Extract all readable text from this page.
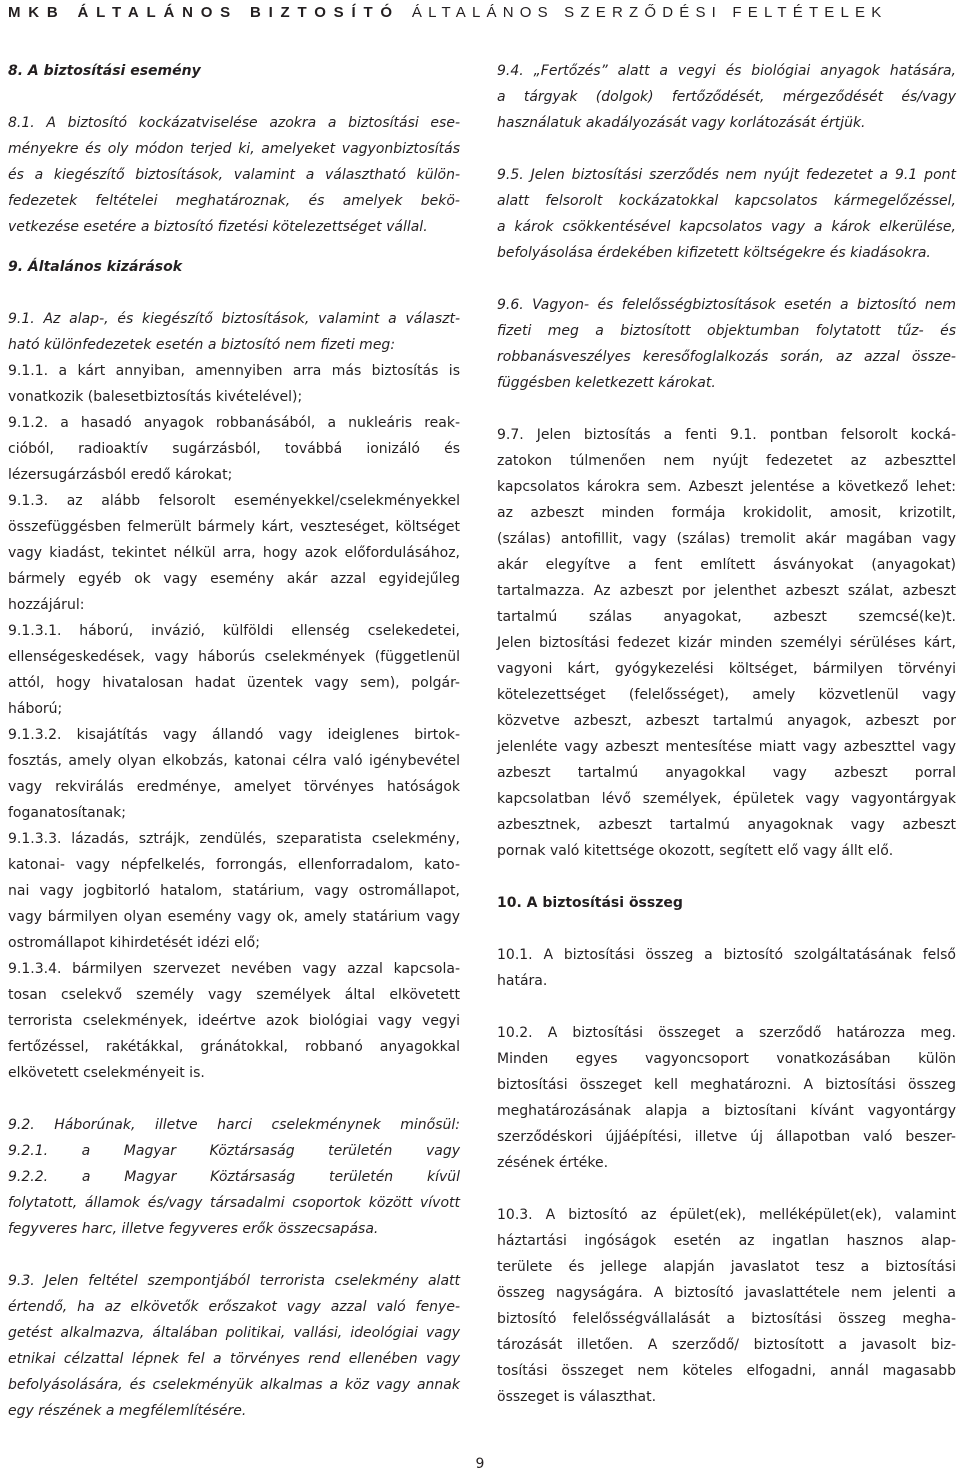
MKB ÁLTALÁNOS BIZTOSÍTÓ ÁLTALÁNOS SZERZŐDÉSI FELTÉTELEK

8. A biztosítási esemény

8.1. A biztosító kockázatviselése azokra a biztosítási ese-

ményekre és oly módon terjed ki, amelyeket vagyonbiztosítás

és a kiegészítő biztosítások, valamint a választható külön-

fedezetek feltételei meghatároznak, és amelyek bekö-

vetkezése esetére a biztosító fizetési kötelezettséget vállal.

9. Általános kizárások

9.1. Az alap-, és kiegészítő biztosítások, valamint a választ-

ható különfedezetek esetén a biztosító nem fizeti meg:

9.1.1. a kárt annyiban, amennyiben arra más biztosítás is

vonatkozik (balesetbiztosítás kivételével);

9.1.2. a hasadó anyagok robbanásából, a nukleáris reak-

cióból, radioaktív sugárzásból, továbbá ionizáló és

lézersugárzásból eredő károkat;

9.1.3. az alább felsorolt eseményekkel/cselekményekkel

összefüggésben felmerült bármely kárt, veszteséget, költséget

vagy kiadást, tekintet nélkül arra, hogy azok előfordulásához,

bármely egyéb ok vagy esemény akár azzal egyidejűleg

hozzájárul:

9.1.3.1. háború, invázió, külföldi ellenség cselekedetei,

ellenségeskedések, vagy háborús cselekmények (függetlenül

attól, hogy hivatalosan hadat üzentek vagy sem), polgár-

háború;

9.1.3.2. kisajátítás vagy állandó vagy ideiglenes birtok-

fosztás, amely olyan elkobzás, katonai célra való igénybevétel

vagy rekvirálás eredménye, amelyet törvényes hatóságok

foganatosítanak;

9.1.3.3. lázadás, sztrájk, zendülés, szeparatista cselekmény,

katonai- vagy népfelkelés, forrongás, ellenforradalom, kato-

nai vagy jogbitorló hatalom, statárium, vagy ostromállapot,

vagy bármilyen olyan esemény vagy ok, amely statárium vagy

ostromállapot kihirdetését idézi elő;

9.1.3.4. bármilyen szervezet nevében vagy azzal kapcsola-

tosan cselekvő személy vagy személyek által elkövetett

terrorista cselekmények, ideértve azok biológiai vagy vegyi

fertőzéssel, rakétákkal, gránátokkal, robbanó anyagokkal

elkövetett cselekményeit is.

9.2. Háborúnak, illetve harci cselekménynek minősül:

9.2.1. a Magyar Köztársaság területén vagy

9.2.2. a Magyar Köztársaság területén kívül

folytatott, államok és/vagy társadalmi csoportok között vívott

fegyveres harc, illetve fegyveres erők összecsapása.

9.3. Jelen feltétel szempontjából terrorista cselekmény alatt

értendő, ha az elkövetők erőszakot vagy azzal való fenye-

getést alkalmazva, általában politikai, vallási, ideológiai vagy

etnikai célzattal lépnek fel a törvényes rend ellenében vagy

befolyásolására, és cselekményük alkalmas a köz vagy annak

egy részének a megfélemlítésére.

9.4. „Fertőzés” alatt a vegyi és biológiai anyagok hatására,

a tárgyak (dolgok) fertőződését, mérgeződését és/vagy

használatuk akadályozását vagy korlátozását értjük.

9.5. Jelen biztosítási szerződés nem nyújt fedezetet a 9.1 pont

alatt felsorolt kockázatokkal kapcsolatos kármegelőzéssel,

a károk csökkentésével kapcsolatos vagy a károk elkerülése,

befolyásolása érdekében kifizetett költségekre és kiadásokra.

9.6. Vagyon- és felelősségbiztosítások esetén a biztosító nem

fizeti meg a biztosított objektumban folytatott tűz- és

robbanásveszélyes keresőfoglalkozás során, az azzal össze-

függésben keletkezett károkat.

9.7. Jelen biztosítás a fenti 9.1. pontban felsorolt kocká-

zatokon túlmenően nem nyújt fedezetet az azbeszttel

kapcsolatos károkra sem. Azbeszt jelentése a következő lehet:

az azbeszt minden formája krokidolit, amosit, krizotilt,

(szálas) antofillit, vagy (szálas) tremolit akár magában vagy

akár elegyítve a fent említett ásványokat (anyagokat)

tartalmazza. Az azbeszt por jelenthet azbeszt szálat, azbeszt

tartalmú szálas anyagokat, azbeszt szemcsé(ke)t.

Jelen biztosítási fedezet kizár minden személyi sérüléses kárt,

vagyoni kárt, gyógykezelési költséget, bármilyen törvényi

kötelezettséget (felelősséget), amely közvetlenül vagy

közvetve azbeszt, azbeszt tartalmú anyagok, azbeszt por

jelenléte vagy azbeszt mentesítése miatt vagy azbeszttel vagy

azbeszt tartalmú anyagokkal vagy azbeszt porral

kapcsolatban lévő személyek, épületek vagy vagyontárgyak

azbesztnek, azbeszt tartalmú anyagoknak vagy azbeszt

pornak való kitettsége okozott, segített elő vagy állt elő.

10. A biztosítási összeg

10.1. A biztosítási összeg a biztosító szolgáltatásának felső

határa.

10.2. A biztosítási összeget a szerződő határozza meg.

Minden egyes vagyoncsoport vonatkozásában külön

biztosítási összeget kell meghatározni. A biztosítási összeg

meghatározásának alapja a biztosítani kívánt vagyontárgy

szerződéskori újjáépítési, illetve új állapotban való beszer-

zésének értéke.

10.3. A biztosító az épület(ek), melléképület(ek), valamint

háztartási ingóságok esetén az ingatlan hasznos alap-

területe és jellege alapján javaslatot tesz a biztosítási

összeg nagyságára. A biztosító javaslattétele nem jelenti a

biztosító felelősségvállalását a biztosítási összeg megha-

tározását illetően. A szerződő/ biztosított a javasolt biz-

tosítási összeget nem köteles elfogadni, annál magasabb

összeget is választhat.

9
